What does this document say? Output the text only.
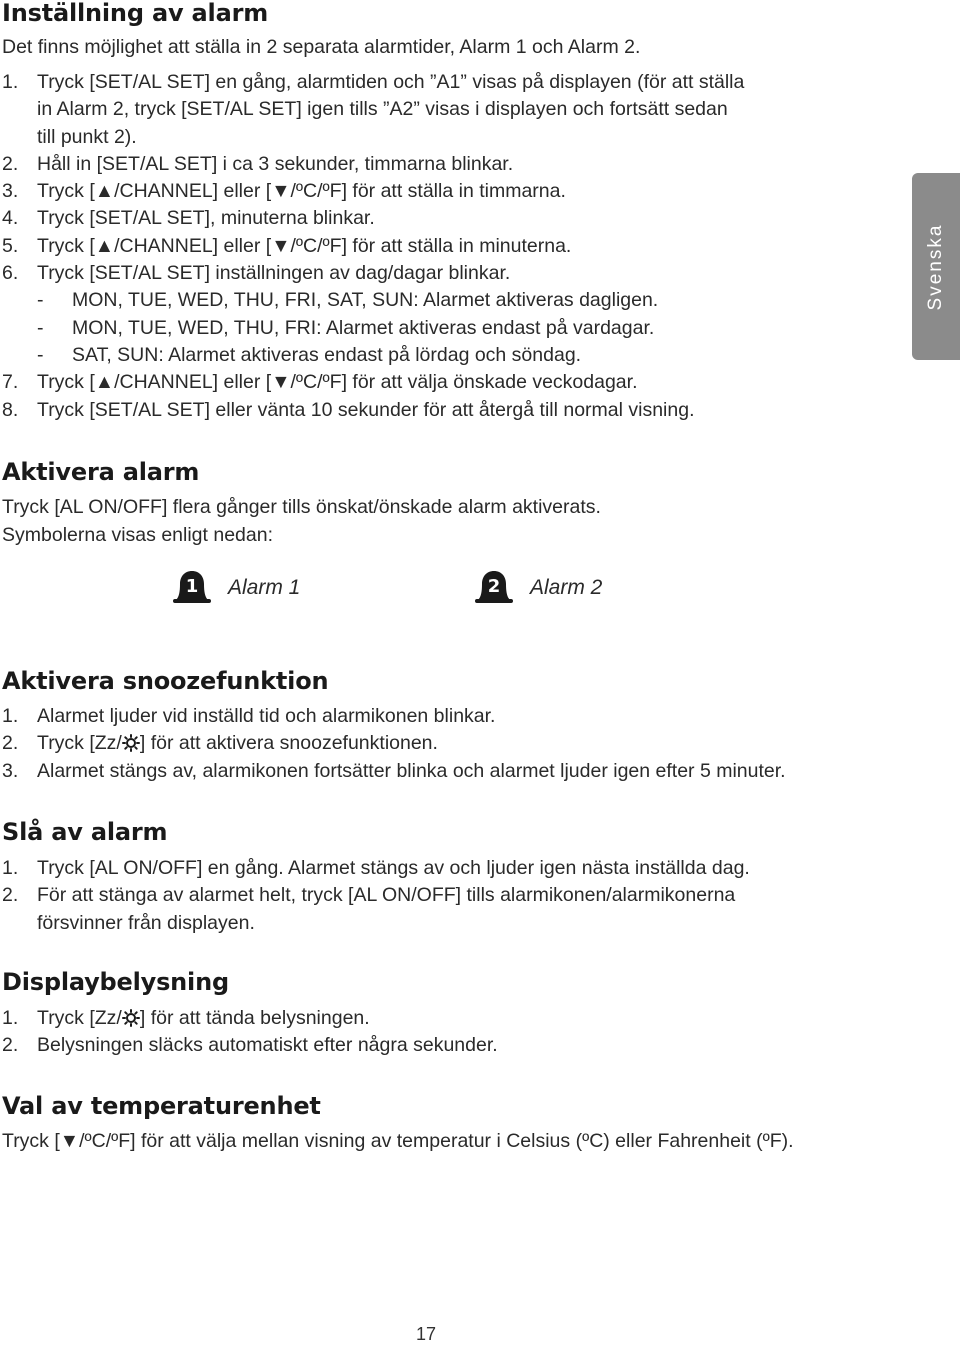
Inställning av alarm

Det finns möjlighet att ställa in 2 separata alarmtider, Alarm 1 och Alarm 2.

1. Tryck [SET/AL SET] en gång, alarmtiden och ”A1” visas på displayen (för att ställa
in Alarm 2, tryck [SET/AL SET] igen tills ”A2” visas i displayen och fortsätt sedan
till punkt 2).
2. Håll in [SET/AL SET] i ca 3 sekunder, timmarna blinkar.
3. Tryck [▲/CHANNEL] eller [▼/ºC/ºF] för att ställa in timmarna.
4. Tryck [SET/AL SET], minuterna blinkar.
5. Tryck [▲/CHANNEL] eller [▼/ºC/ºF] för att ställa in minuterna.
6. Tryck [SET/AL SET] inställningen av dag/dagar blinkar.
-	MON, TUE, WED, THU, FRI, SAT, SUN: Alarmet aktiveras dagligen.
-	MON, TUE, WED, THU, FRI: Alarmet aktiveras endast på vardagar.
-	SAT, SUN: Alarmet aktiveras endast på lördag och söndag.
7. Tryck [▲/CHANNEL] eller [▼/ºC/ºF] för att välja önskade veckodagar.
8. Tryck [SET/AL SET] eller vänta 10 sekunder för att återgå till normal visning.
Svenska
Aktivera alarm

Tryck [AL ON/OFF] flera gånger tills önskat/önskade alarm aktiverats.

Symbolerna visas enligt nedan:

1 Alarm 1	2 Alarm 2
Aktivera snoozefunktion
1. Alarmet ljuder vid inställd tid och alarmikonen blinkar.
2. Tryck [Zz/ ] för att aktivera snoozefunktionen.
3. Alarmet stängs av, alarmikonen fortsätter blinka och alarmet ljuder igen efter 5 minuter.
Slå av alarm
1. Tryck [AL ON/OFF] en gång. Alarmet stängs av och ljuder igen nästa inställda dag.
2. För att stänga av alarmet helt, tryck [AL ON/OFF] tills alarmikonen/alarmikonerna
försvinner från displayen.
Displaybelysning
1. Tryck [Zz/ ] för att tända belysningen.
2. Belysningen släcks automatiskt efter några sekunder.
Val av temperaturenhet

Tryck [▼/ºC/ºF] för att välja mellan visning av temperatur i Celsius (ºC) eller Fahrenheit (ºF).

17
